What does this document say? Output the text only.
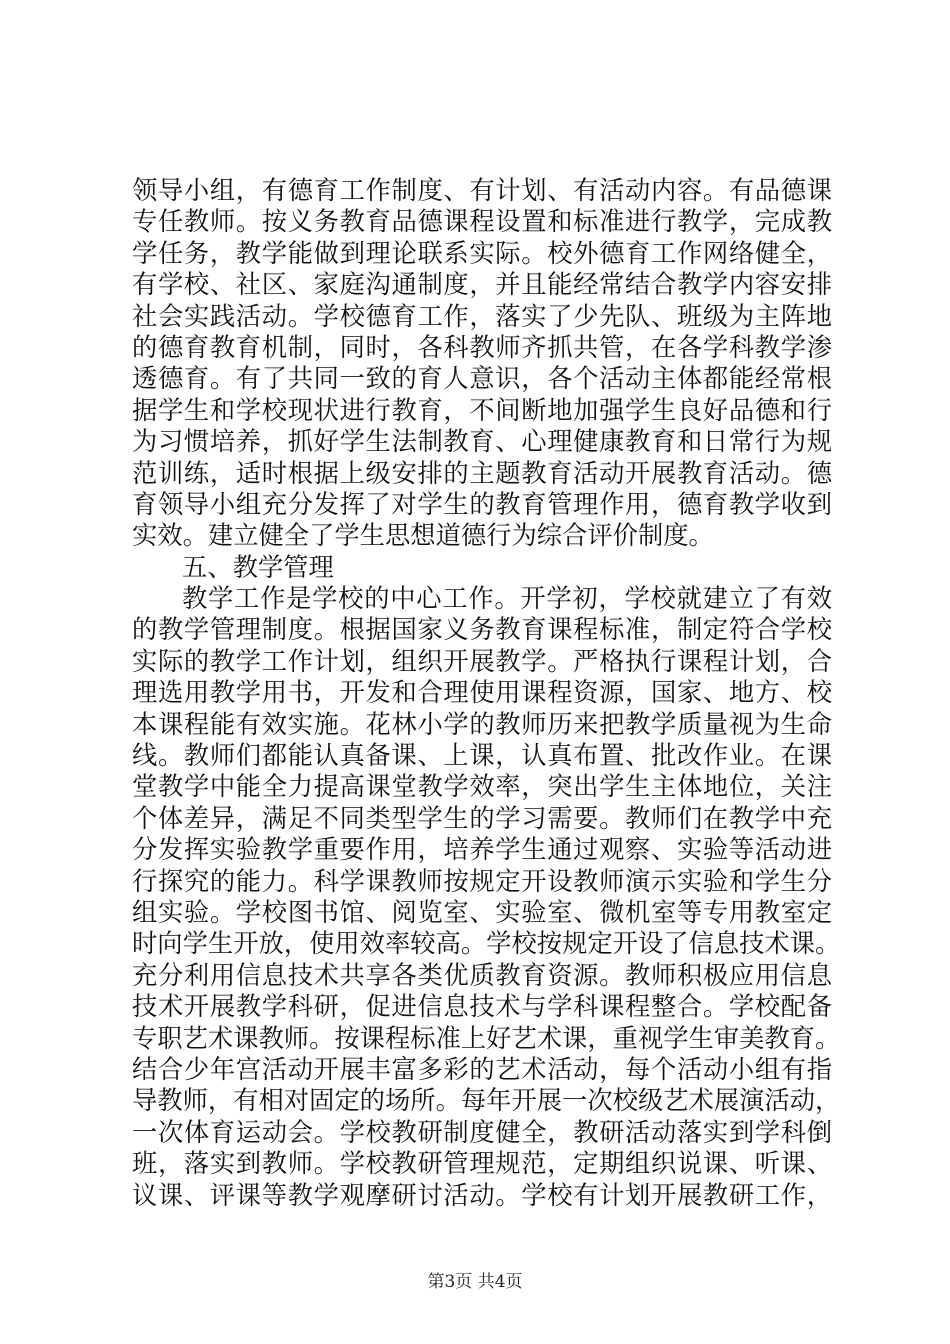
领导小组，有德育工作制度、有计划、有活动内容。有品德课
专任教师。按义务教育品德课程设置和标准进行教学，完成教
学任务，教学能做到理论联系实际。校外德育工作网络健全，
有学校、社区、家庭沟通制度，并且能经常结合教学内容安排
社会实践活动。学校德育工作，落实了少先队、班级为主阵地
的德育教育机制，同时，各科教师齐抓共管，在各学科教学渗
透德育。有了共同一致的育人意识，各个活动主体都能经常根
据学生和学校现状进行教育，不间断地加强学生良好品德和行
为习惯培养，抓好学生法制教育、心理健康教育和日常行为规
范训练，适时根据上级安排的主题教育活动开展教育活动。德
育领导小组充分发挥了对学生的教育管理作用，德育教学收到
实效。建立健全了学生思想道德行为综合评价制度。
五、教学管理
教学工作是学校的中心工作。开学初，学校就建立了有效
的教学管理制度。根据国家义务教育课程标准，制定符合学校
实际的教学工作计划，组织开展教学。严格执行课程计划，合
理选用教学用书，开发和合理使用课程资源，国家、地方、校
本课程能有效实施。花林小学的教师历来把教学质量视为生命
线。教师们都能认真备课、上课，认真布置、批改作业。在课
堂教学中能全力提高课堂教学效率，突出学生主体地位，关注
个体差异，满足不同类型学生的学习需要。教师们在教学中充
分发挥实验教学重要作用，培养学生通过观察、实验等活动进
行探究的能力。科学课教师按规定开设教师演示实验和学生分
组实验。学校图书馆、阅览室、实验室、微机室等专用教室定
时向学生开放，使用效率较高。学校按规定开设了信息技术课。
充分利用信息技术共享各类优质教育资源。教师积极应用信息
技术开展教学科研，促进信息技术与学科课程整合。学校配备
专职艺术课教师。按课程标准上好艺术课，重视学生审美教育。
结合少年宫活动开展丰富多彩的艺术活动，每个活动小组有指
导教师，有相对固定的场所。每年开展一次校级艺术展演活动，
一次体育运动会。学校教研制度健全，教研活动落实到学科倒
班，落实到教师。学校教研管理规范，定期组织说课、听课、
议课、评课等教学观摩研讨活动。学校有计划开展教研工作，
第3页 共4页
